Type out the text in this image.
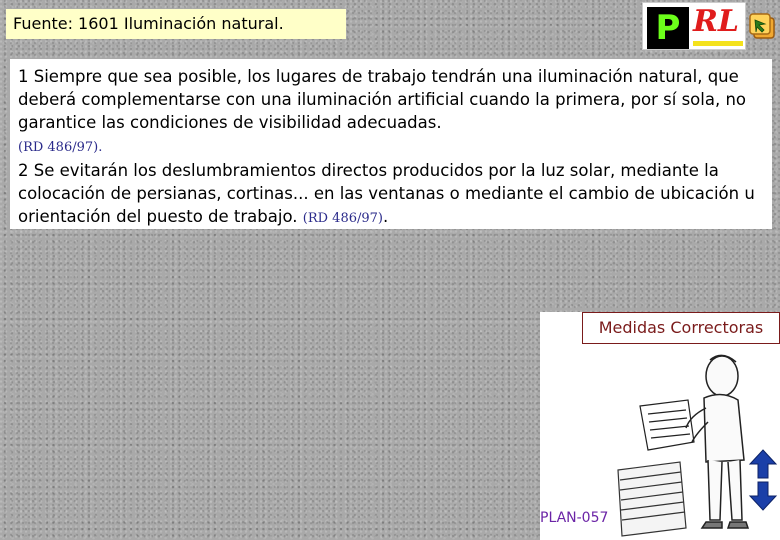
Fuente: 1601 Iluminación natural.	P RL

1 Siempre que sea posible, los lugares de trabajo tendrán una iluminación natural, que deberá complementarse con una iluminación artificial cuando la primera, por sí sola, no garantice las condiciones de visibilidad adecuadas.
(RD 486/97).

2 Se evitarán los deslumbramientos directos producidos por la luz solar, mediante la colocación de persianas, cortinas... en las ventanas o mediante el cambio de ubicación u orientación del puesto de trabajo. (RD 486/97).

Medidas Correctoras
PLAN-057
